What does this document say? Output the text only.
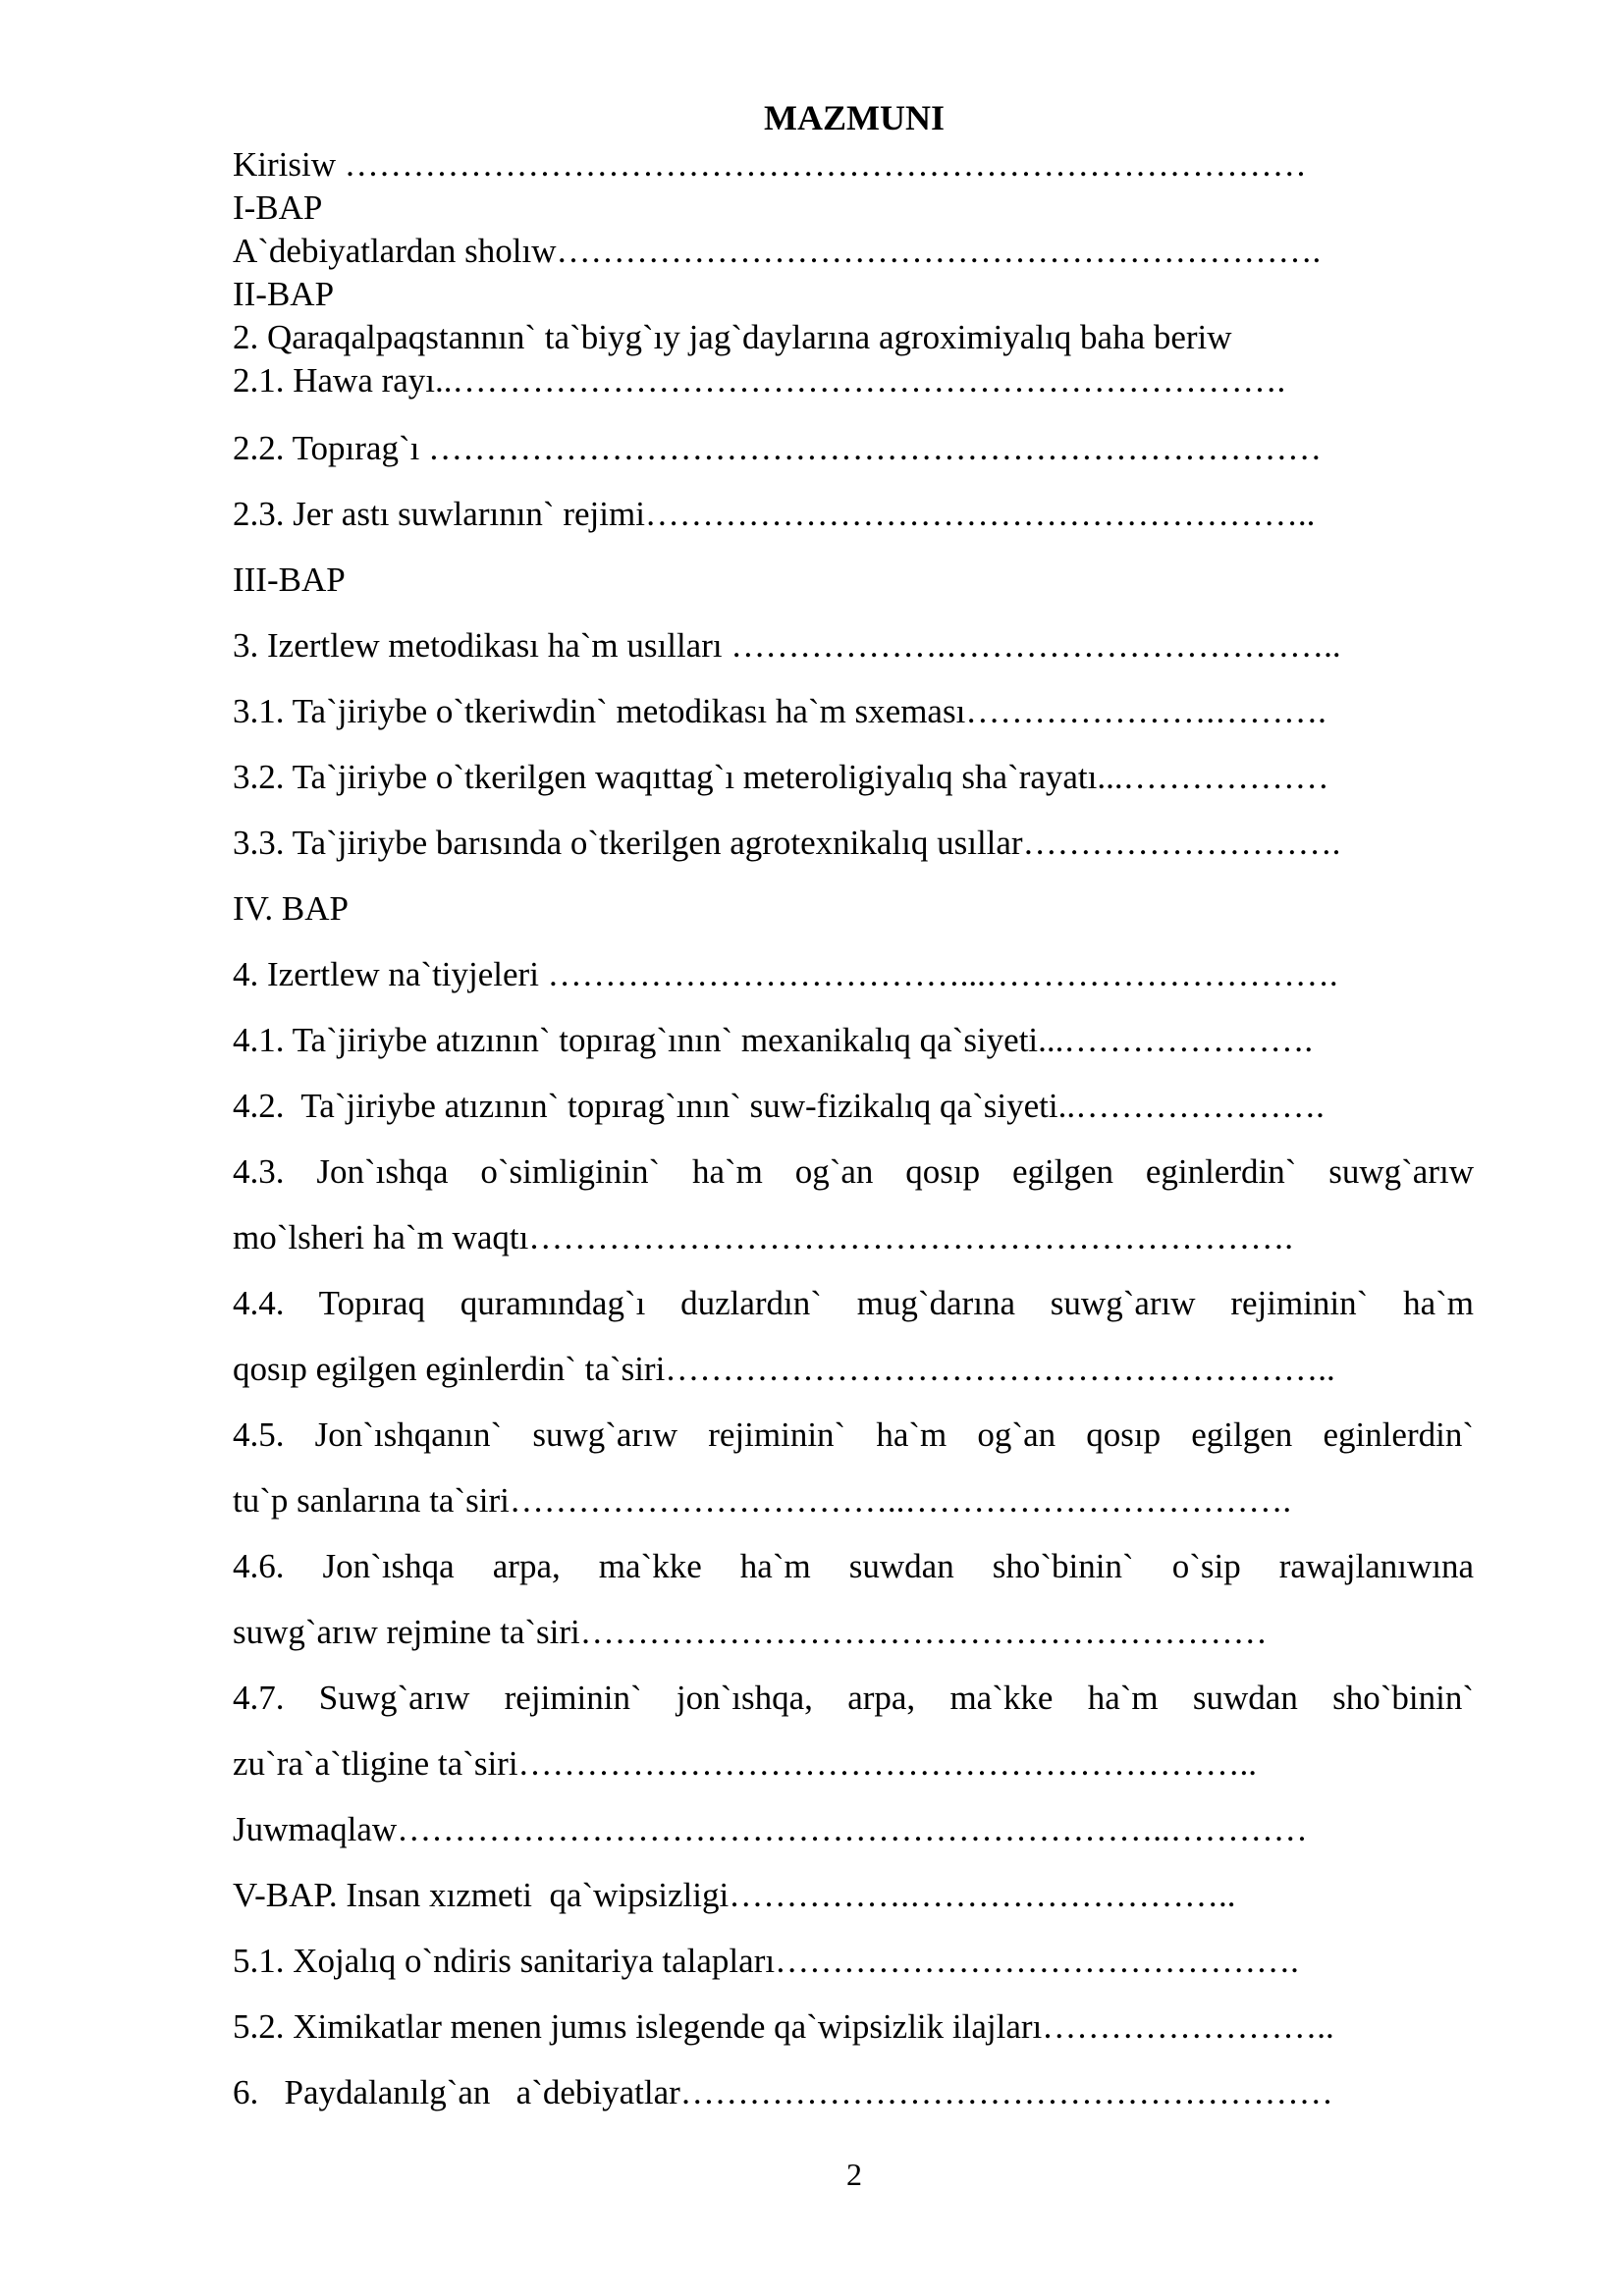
MAZMUNI
Kirisiw …………………………………………………………………………
I-BAP
A`debiyatlardan sholıw………………………………………………………….
II-BAP
2. Qaraqalpaqstannın` ta`biyg`ıy jag`daylarına agroximiyalıq baha beriw
2.1. Hawa rayı..……………………………………………………………….
2.2. Topırag`ı ……………………………………………………………………
2.3. Jer astı suwlarının` rejimi…………………………………………………..
III-BAP
3. Izertlew metodikası ha`m usılları ……………….……………………………..
3.1. Ta`jiriybe o`tkeriwdin` metodikası ha`m sxeması………………….……….
3.2. Ta`jiriybe o`tkerilgen waqıttag`ı meteroligiyalıq sha`rayatı...………………
3.3. Ta`jiriybe barısında o`tkerilgen agrotexnikalıq usıllar……………………….
IV. BAP
4. Izertlew na`tiyjeleri ………………………………...………………………….
4.1. Ta`jiriybe atızının` topırag`ının` mexanikalıq qa`siyeti...………………….
4.2.  Ta`jiriybe atızının` topırag`ının` suw-fizikalıq qa`siyeti..………………….
4.3. Jon`ıshqa o`simliginin` ha`m og`an qosıp egilgen eginlerdin` suwg`arıw
mo`lsheri ha`m waqtı………………………………………………………….
4.4. Topıraq quramındag`ı duzlardın` mug`darına suwg`arıw rejiminin` ha`m
qosıp egilgen eginlerdin` ta`siri…………………………………………………..
4.5. Jon`ıshqanın` suwg`arıw rejiminin` ha`m og`an qosıp egilgen eginlerdin`
tu`p sanlarına ta`siri……………………………..…………………………….
4.6. Jon`ıshqa arpa, ma`kke ha`m suwdan sho`binin` o`sip rawajlanıwına
suwg`arıw rejmine ta`siri……………………………………………………
4.7. Suwg`arıw rejiminin` jon`ıshqa, arpa, ma`kke ha`m suwdan sho`binin`
zu`ra`a`tligine ta`siri………………………………………………………..
Juwmaqlaw…………………………………………………………..…………
V-BAP. Insan xızmeti  qa`wipsizligi…………….………………………..
5.1. Xojalıq o`ndiris sanitariya talapları……………………………………….
5.2. Ximikatlar menen jumıs islegende qa`wipsizlik ilajları……………………..
6.   Paydalanılg`an   a`debiyatlar…………………………………………………
2
